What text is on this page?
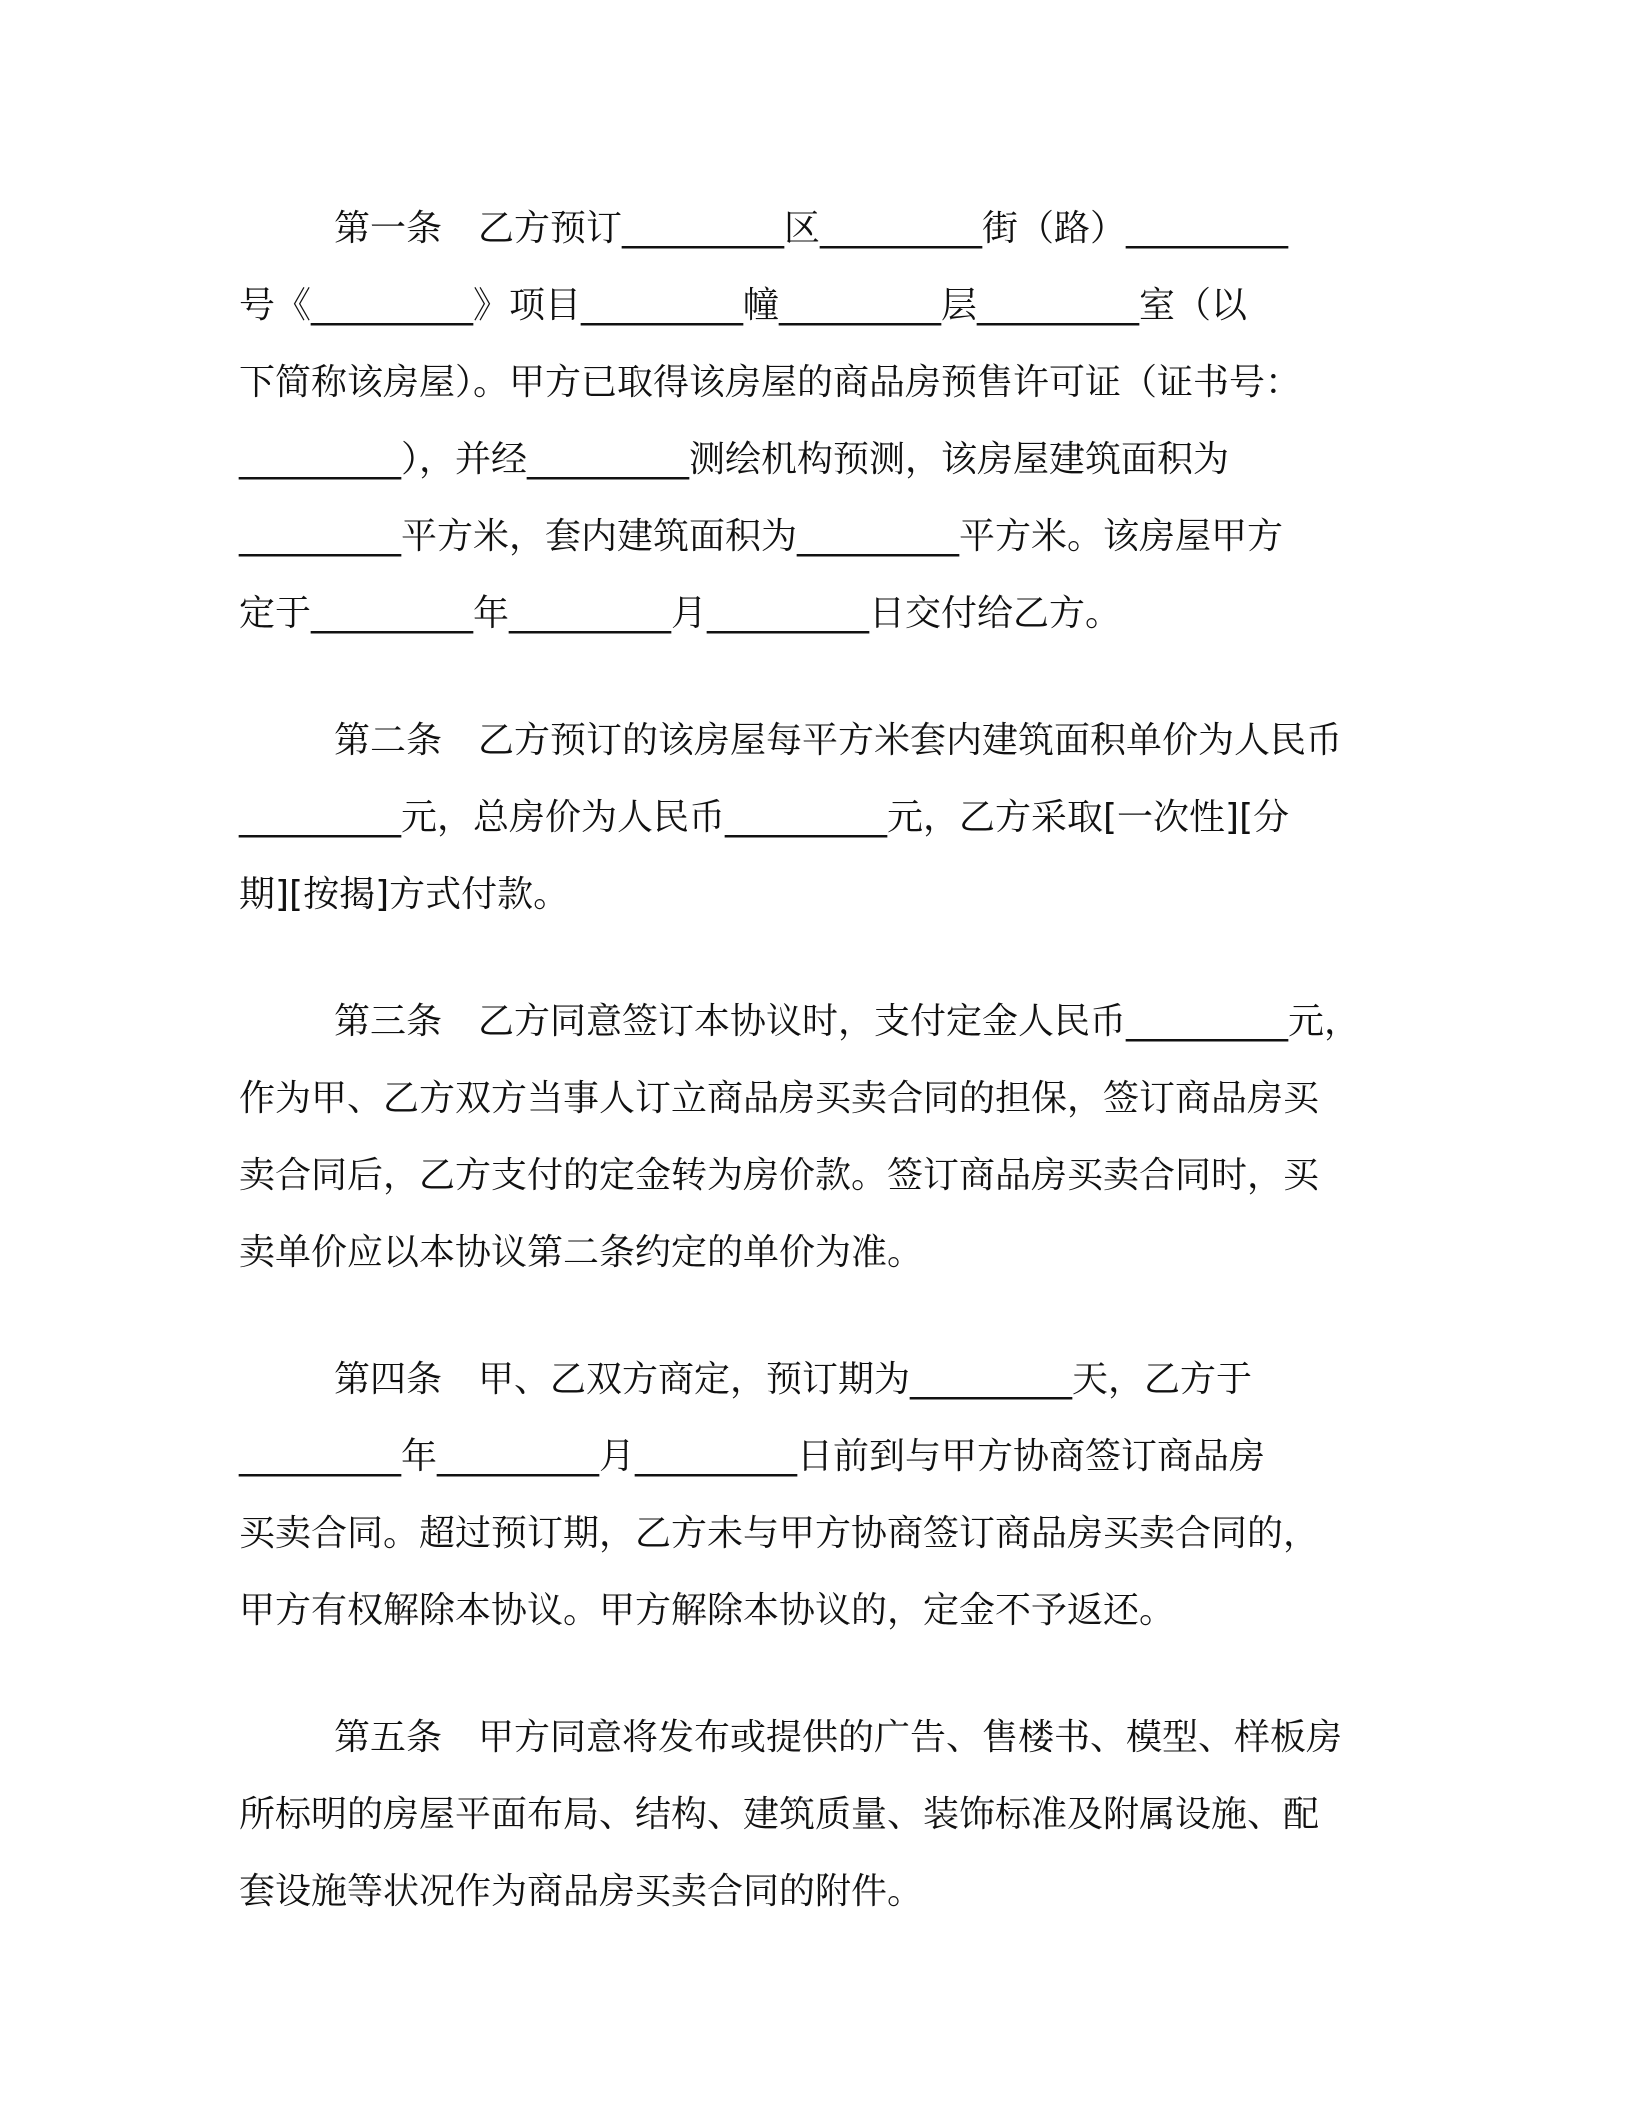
第一条　乙方预订_________区_________街（路）_________
号《_________》项目_________幢_________层_________室（以
下简称该房屋）。甲方已取得该房屋的商品房预售许可证（证书号：
_________），并经_________测绘机构预测，该房屋建筑面积为
_________平方米，套内建筑面积为_________平方米。该房屋甲方
定于_________年_________月_________日交付给乙方。
第二条　乙方预订的该房屋每平方米套内建筑面积单价为人民币
_________元，总房价为人民币_________元，乙方采取[一次性][分
期][按揭]方式付款。
第三条　乙方同意签订本协议时，支付定金人民币_________元，
作为甲、乙方双方当事人订立商品房买卖合同的担保，签订商品房买
卖合同后，乙方支付的定金转为房价款。签订商品房买卖合同时，买
卖单价应以本协议第二条约定的单价为准。
第四条　甲、乙双方商定，预订期为_________天，乙方于
_________年_________月_________日前到与甲方协商签订商品房
买卖合同。超过预订期，乙方未与甲方协商签订商品房买卖合同的，
甲方有权解除本协议。甲方解除本协议的，定金不予返还。
第五条　甲方同意将发布或提供的广告、售楼书、模型、样板房
所标明的房屋平面布局、结构、建筑质量、装饰标准及附属设施、配
套设施等状况作为商品房买卖合同的附件。
